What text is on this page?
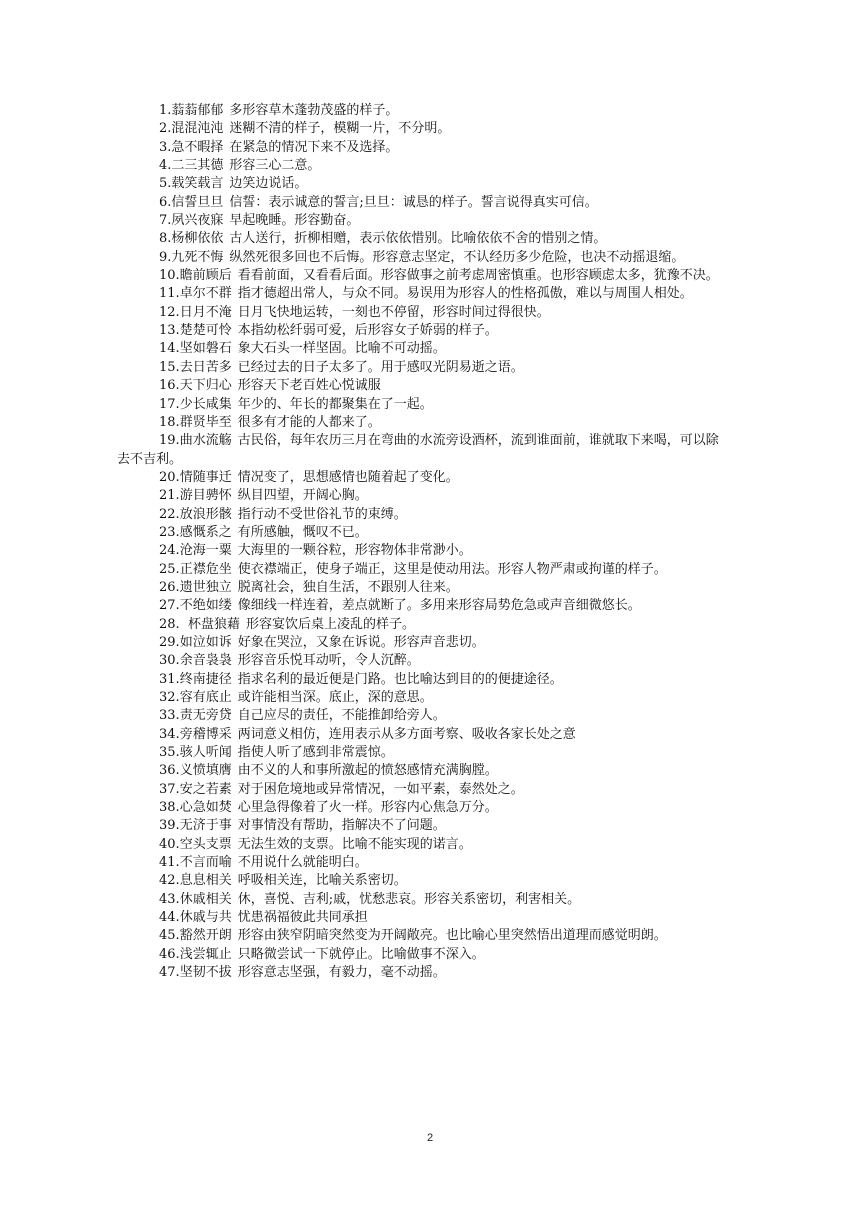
1.蓊蓊郁郁 多形容草木蓬勃茂盛的样子。

2.混混沌沌 迷糊不清的样子，模糊一片，不分明。

3.急不暇择 在紧急的情况下来不及选择。

4.二三其德 形容三心二意。

5.载笑载言 边笑边说话。

6.信誓旦旦 信誓：表示诚意的誓言;旦旦：诚恳的样子。誓言说得真实可信。

7.夙兴夜寐 早起晚睡。形容勤奋。

8.杨柳依依 古人送行，折柳相赠，表示依依惜别。比喻依依不舍的惜别之情。

9.九死不悔 纵然死很多回也不后悔。形容意志坚定，不认经历多少危险，也决不动摇退缩。

10.瞻前顾后 看看前面，又看看后面。形容做事之前考虑周密慎重。也形容顾虑太多，犹豫不决。

11.卓尔不群 指才德超出常人，与众不同。易误用为形容人的性格孤傲，难以与周围人相处。

12.日月不淹 日月飞快地运转，一刻也不停留，形容时间过得很快。

13.楚楚可怜 本指幼松纤弱可爱，后形容女子娇弱的样子。

14.坚如磐石 象大石头一样坚固。比喻不可动摇。

15.去日苦多 已经过去的日子太多了。用于感叹光阴易逝之语。

16.天下归心 形容天下老百姓心悦诚服

17.少长咸集 年少的、年长的都聚集在了一起。

18.群贤毕至 很多有才能的人都来了。

19.曲水流觞 古民俗，每年农历三月在弯曲的水流旁设酒杯，流到谁面前，谁就取下来喝，可以除去不吉利。

20.情随事迁 情况变了，思想感情也随着起了变化。

21.游目骋怀 纵目四望，开阔心胸。

22.放浪形骸 指行动不受世俗礼节的束缚。

23.感慨系之 有所感触，慨叹不已。

24.沧海一粟 大海里的一颗谷粒，形容物体非常渺小。

25.正襟危坐 使衣襟端正，使身子端正，这里是使动用法。形容人物严肃或拘谨的样子。

26.遗世独立 脱离社会，独自生活，不跟别人往来。

27.不绝如缕 像细线一样连着，差点就断了。多用来形容局势危急或声音细微悠长。

28.  杯盘狼藉 形容宴饮后桌上凌乱的样子。

29.如泣如诉 好象在哭泣，又象在诉说。形容声音悲切。

30.余音袅袅 形容音乐悦耳动听，令人沉醉。

31.终南捷径 指求名利的最近便是门路。也比喻达到目的的便捷途径。

32.容有底止 或许能相当深。底止，深的意思。

33.责无旁贷 自己应尽的责任，不能推卸给旁人。

34.旁稽博采 两词意义相仿，连用表示从多方面考察、吸收各家长处之意

35.骇人听闻 指使人听了感到非常震惊。

36.义愤填膺 由不义的人和事所激起的愤怒感情充满胸膛。

37.安之若素 对于困危境地或异常情况，一如平素，泰然处之。

38.心急如焚 心里急得像着了火一样。形容内心焦急万分。

39.无济于事 对事情没有帮助，指解决不了问题。

40.空头支票 无法生效的支票。比喻不能实现的诺言。

41.不言而喻 不用说什么就能明白。

42.息息相关 呼吸相关连，比喻关系密切。

43.休戚相关 休，喜悦、吉利;戚，忧愁悲哀。形容关系密切，利害相关。

44.休戚与共 忧患祸福彼此共同承担

45.豁然开朗 形容由狭窄阴暗突然变为开阔敞亮。也比喻心里突然悟出道理而感觉明朗。

46.浅尝辄止 只略微尝试一下就停止。比喻做事不深入。

47.坚韧不拔 形容意志坚强，有毅力，毫不动摇。

2
